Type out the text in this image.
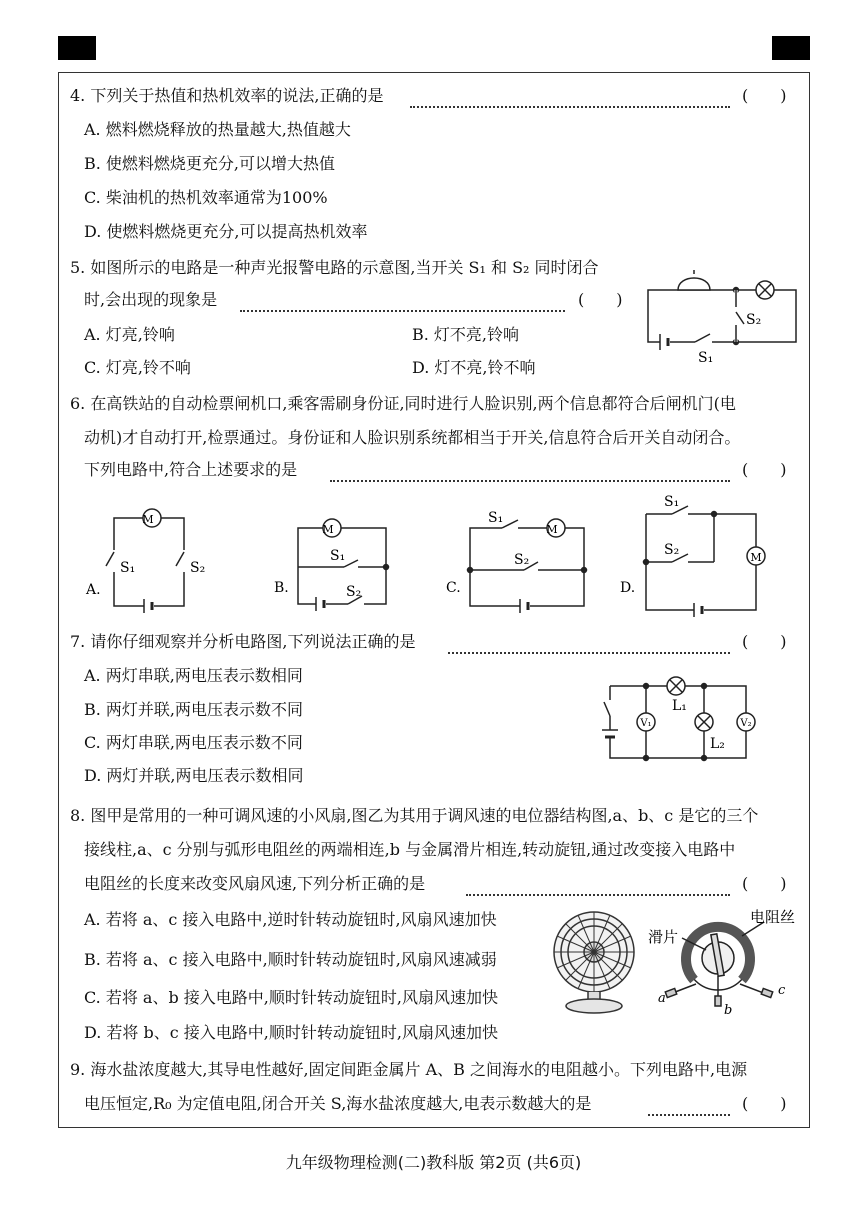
4. 下列关于热值和热机效率的说法,正确的是	(　　)
A. 燃料燃烧释放的热量越大,热值越大
B. 使燃料燃烧更充分,可以增大热值
C. 柴油机的热机效率通常为100%
D. 使燃料燃烧更充分,可以提高热机效率
5. 如图所示的电路是一种声光报警电路的示意图,当开关 S₁ 和 S₂ 同时闭合
时,会出现的现象是	(　　)
A. 灯亮,铃响	B. 灯不亮,铃响
C. 灯亮,铃不响	D. 灯不亮,铃不响
S₂
S₁
6. 在高铁站的自动检票闸机口,乘客需刷身份证,同时进行人脸识别,两个信息都符合后闸机门(电
动机)才自动打开,检票通过。身份证和人脸识别系统都相当于开关,信息符合后开关自动闭合。
下列电路中,符合上述要求的是	(　　)
M
S₁	S₂
A.
M
S₁
S₂
B.
M
S₁
S₂
C.
M
S₁
S₂
D.
7. 请你仔细观察并分析电路图,下列说法正确的是	(　　)
A. 两灯串联,两电压表示数相同
B. 两灯并联,两电压表示数不同
C. 两灯串联,两电压表示数不同
D. 两灯并联,两电压表示数相同
V₁	V₂
L₁
L₂
8. 图甲是常用的一种可调风速的小风扇,图乙为其用于调风速的电位器结构图,a、b、c 是它的三个
接线柱,a、c 分别与弧形电阻丝的两端相连,b 与金属滑片相连,转动旋钮,通过改变接入电路中
电阻丝的长度来改变风扇风速,下列分析正确的是	(　　)
A. 若将 a、c 接入电路中,逆时针转动旋钮时,风扇风速加快
B. 若将 a、c 接入电路中,顺时针转动旋钮时,风扇风速减弱
C. 若将 a、b 接入电路中,顺时针转动旋钮时,风扇风速加快
D. 若将 b、c 接入电路中,顺时针转动旋钮时,风扇风速加快
滑片
电阻丝
a
b
c
9. 海水盐浓度越大,其导电性越好,固定间距金属片 A、B 之间海水的电阻越小。下列电路中,电源
电压恒定,R₀ 为定值电阻,闭合开关 S,海水盐浓度越大,电表示数越大的是	(　　)
九年级物理检测(二)教科版 第2页 (共6页)
